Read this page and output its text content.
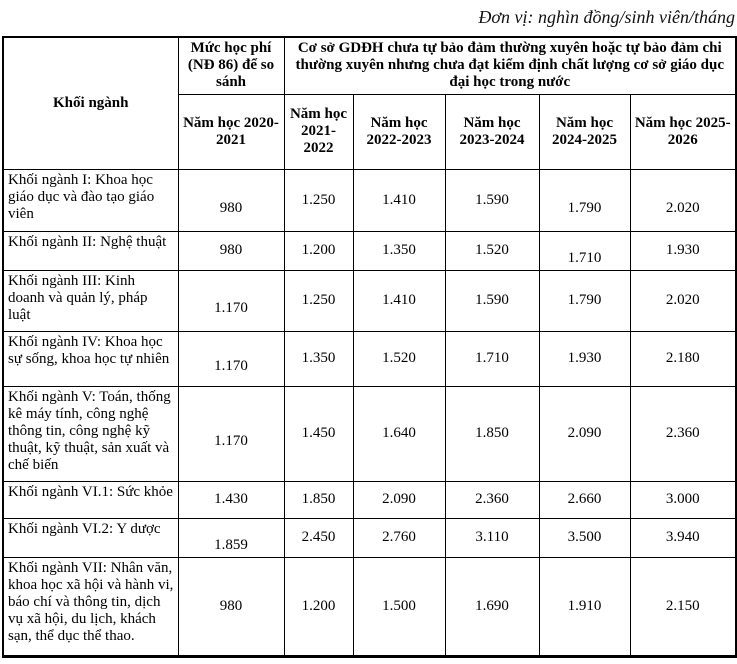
Đơn vị: nghìn đồng/sinh viên/tháng
Khối ngành	Mức học phí (NĐ 86) để so sánh	Cơ sở GDĐH chưa tự bảo đảm thường xuyên hoặc tự bảo đảm chi thường xuyên nhưng chưa đạt kiểm định chất lượng cơ sở giáo dục đại học trong nước				
	Năm học 2020-2021	Năm học 2021-2022	Năm học 2022-2023	Năm học 2023-2024	Năm học 2024-2025	Năm học 2025-2026
Khối ngành I: Khoa học giáo dục và đào tạo giáo viên	980	1.250	1.410	1.590	1.790	2.020
Khối ngành II: Nghệ thuật	980	1.200	1.350	1.520	1.710	1.930
Khối ngành III: Kinh doanh và quản lý, pháp luật	1.170	1.250	1.410	1.590	1.790	2.020
Khối ngành IV: Khoa học sự sống, khoa học tự nhiên	1.170	1.350	1.520	1.710	1.930	2.180
Khối ngành V: Toán, thống kê máy tính, công nghệ thông tin, công nghệ kỹ thuật, kỹ thuật, sản xuất và chế biến	1.170	1.450	1.640	1.850	2.090	2.360
Khối ngành VI.1: Sức khỏe	1.430	1.850	2.090	2.360	2.660	3.000
Khối ngành VI.2: Y dược	1.859	2.450	2.760	3.110	3.500	3.940
Khối ngành VII: Nhân văn, khoa học xã hội và hành vi, báo chí và thông tin, dịch vụ xã hội, du lịch, khách sạn, thể dục thể thao.	980	1.200	1.500	1.690	1.910	2.150
